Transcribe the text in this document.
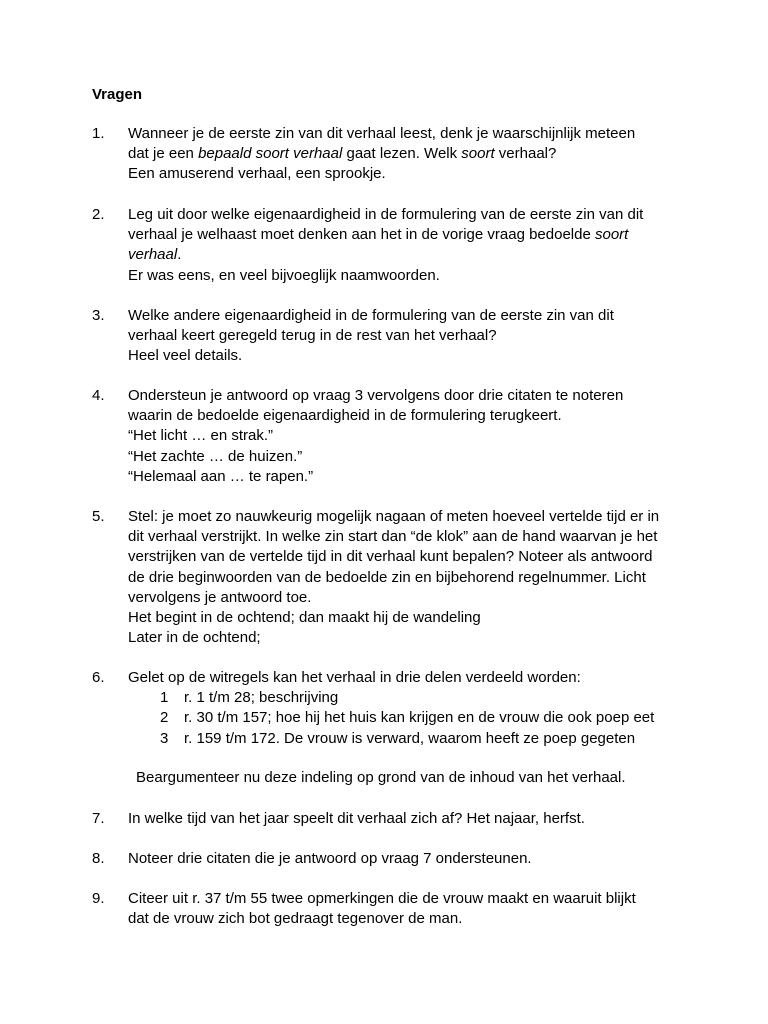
Vragen
1. Wanneer je de eerste zin van dit verhaal leest, denk je waarschijnlijk meteen
dat je een bepaald soort verhaal gaat lezen. Welk soort verhaal?
Een amuserend verhaal, een sprookje.
2. Leg uit door welke eigenaardigheid in de formulering van de eerste zin van dit
verhaal je welhaast moet denken aan het in de vorige vraag bedoelde soort
verhaal.
Er was eens, en veel bijvoeglijk naamwoorden.
3. Welke andere eigenaardigheid in de formulering van de eerste zin van dit
verhaal keert geregeld terug in de rest van het verhaal?
Heel veel details.
4. Ondersteun je antwoord op vraag 3 vervolgens door drie citaten te noteren
waarin de bedoelde eigenaardigheid in de formulering terugkeert.
“Het licht … en strak.”
“Het zachte … de huizen.”
“Helemaal aan … te rapen.”
5. Stel: je moet zo nauwkeurig mogelijk nagaan of meten hoeveel vertelde tijd er in
dit verhaal verstrijkt. In welke zin start dan “de klok” aan de hand waarvan je het
verstrijken van de vertelde tijd in dit verhaal kunt bepalen? Noteer als antwoord
de drie beginwoorden van de bedoelde zin en bijbehorend regelnummer. Licht
vervolgens je antwoord toe.
Het begint in de ochtend; dan maakt hij de wandeling
Later in de ochtend;
6. Gelet op de witregels kan het verhaal in drie delen verdeeld worden:
1 r. 1 t/m 28; beschrijving
2 r. 30 t/m 157; hoe hij het huis kan krijgen en de vrouw die ook poep eet
3 r. 159 t/m 172. De vrouw is verward, waarom heeft ze poep gegeten
Beargumenteer nu deze indeling op grond van de inhoud van het verhaal.
7. In welke tijd van het jaar speelt dit verhaal zich af? Het najaar, herfst.
8. Noteer drie citaten die je antwoord op vraag 7 ondersteunen.
9. Citeer uit r. 37 t/m 55 twee opmerkingen die de vrouw maakt en waaruit blijkt
dat de vrouw zich bot gedraagt tegenover de man.
